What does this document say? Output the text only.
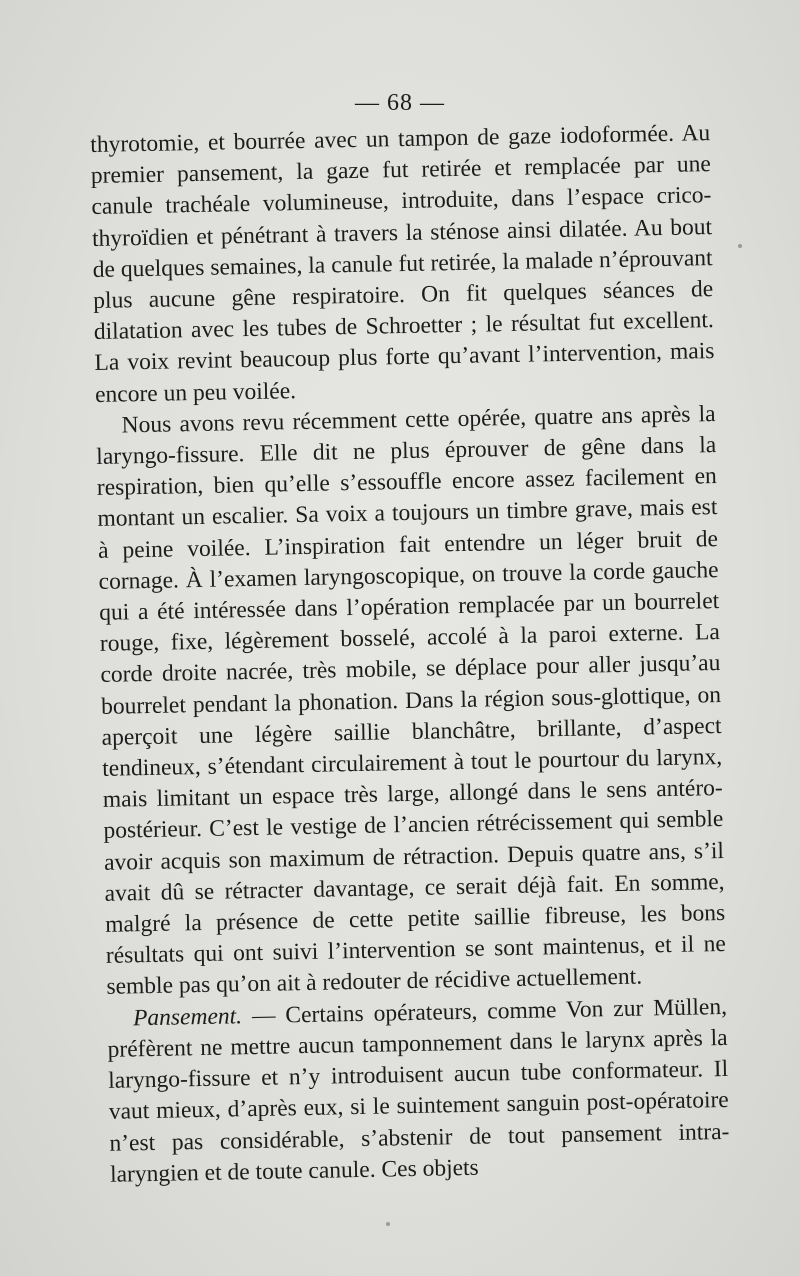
— 68 —

thyrotomie, et bourrée avec un tampon de gaze iodoformée. Au premier pansement, la gaze fut retirée et remplacée par une canule trachéale volumineuse, introduite, dans l’espace crico-thyroïdien et pénétrant à travers la sténose ainsi dilatée. Au bout de quelques semaines, la canule fut retirée, la malade n’éprouvant plus aucune gêne respiratoire. On fit quelques séances de dilatation avec les tubes de Schroetter ; le résultat fut excellent. La voix revint beaucoup plus forte qu’avant l’intervention, mais encore un peu voilée.

Nous avons revu récemment cette opérée, quatre ans après la laryngo-fissure. Elle dit ne plus éprouver de gêne dans la respiration, bien qu’elle s’essouffle encore assez facilement en montant un escalier. Sa voix a toujours un timbre grave, mais est à peine voilée. L’inspiration fait entendre un léger bruit de cornage. À l’examen laryngoscopique, on trouve la corde gauche qui a été intéressée dans l’opération remplacée par un bourrelet rouge, fixe, légèrement bosselé, accolé à la paroi externe. La corde droite nacrée, très mobile, se déplace pour aller jusqu’au bourrelet pendant la phonation. Dans la région sous-glottique, on aperçoit une légère saillie blanchâtre, brillante, d’aspect tendineux, s’étendant circulairement à tout le pourtour du larynx, mais limitant un espace très large, allongé dans le sens antéro-postérieur. C’est le vestige de l’ancien rétrécissement qui semble avoir acquis son maximum de rétraction. Depuis quatre ans, s’il avait dû se rétracter davantage, ce serait déjà fait. En somme, malgré la présence de cette petite saillie fibreuse, les bons résultats qui ont suivi l’intervention se sont maintenus, et il ne semble pas qu’on ait à redouter de récidive actuellement.

Pansement. — Certains opérateurs, comme Von zur Müllen, préfèrent ne mettre aucun tamponnement dans le larynx après la laryngo-fissure et n’y introduisent aucun tube conformateur. Il vaut mieux, d’après eux, si le suintement sanguin post-opératoire n’est pas considérable, s’abstenir de tout pansement intra-laryngien et de toute canule. Ces objets
